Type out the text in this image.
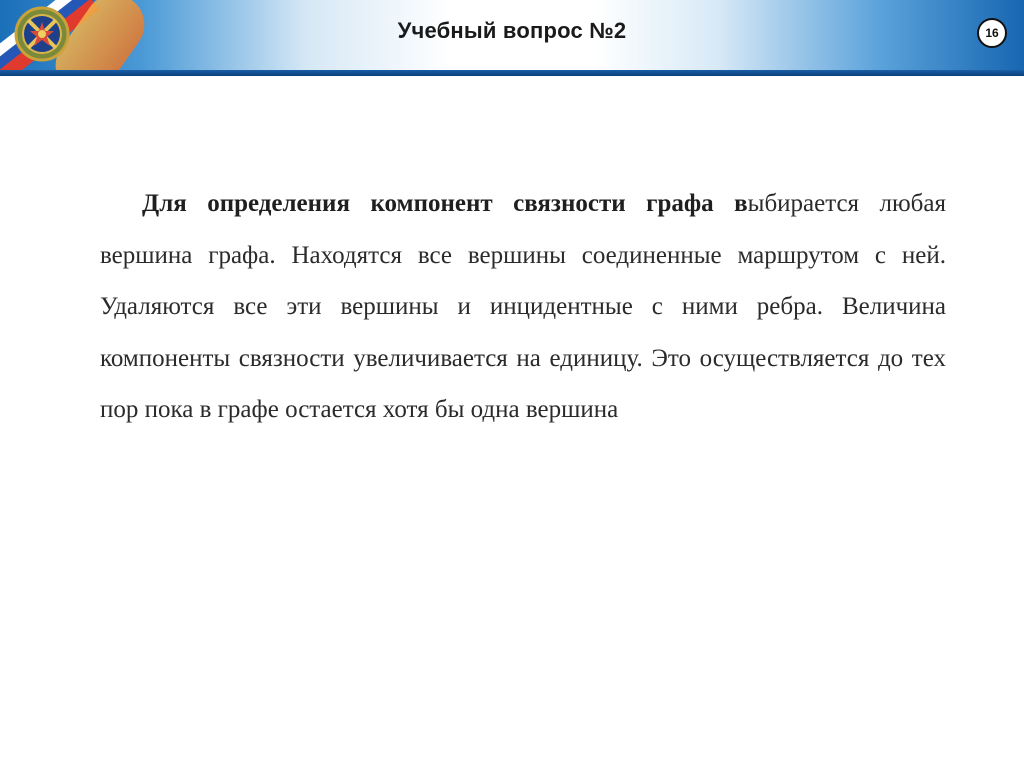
Учебный вопрос №2	16
Для определения компонент связности графа выбирается любая вершина графа. Находятся все вершины соединенные маршрутом с ней. Удаляются все эти вершины и инцидентные с ними ребра. Величина компоненты связности увеличивается на единицу. Это осуществляется до тех пор пока в графе остается хотя бы одна вершина
